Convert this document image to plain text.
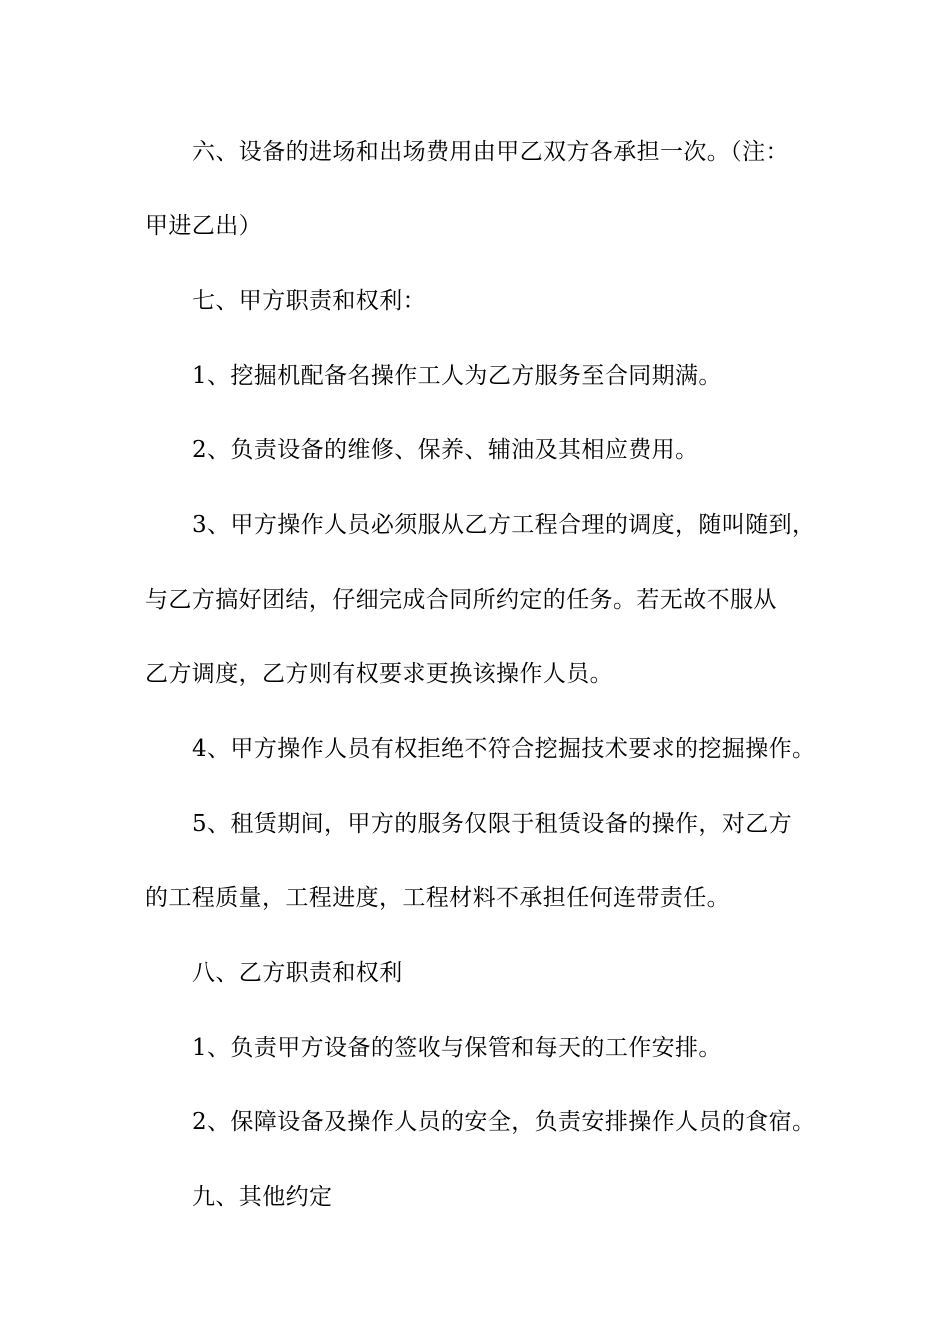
六、设备的进场和出场费用由甲乙双方各承担一次。（注：
甲进乙出）
七、甲方职责和权利：
1、挖掘机配备名操作工人为乙方服务至合同期满。
2、负责设备的维修、保养、辅油及其相应费用。
3、甲方操作人员必须服从乙方工程合理的调度，随叫随到，
与乙方搞好团结，仔细完成合同所约定的任务。若无故不服从
乙方调度，乙方则有权要求更换该操作人员。
4、甲方操作人员有权拒绝不符合挖掘技术要求的挖掘操作。
5、租赁期间，甲方的服务仅限于租赁设备的操作，对乙方
的工程质量，工程进度，工程材料不承担任何连带责任。
八、乙方职责和权利
1、负责甲方设备的签收与保管和每天的工作安排。
2、保障设备及操作人员的安全，负责安排操作人员的食宿。
九、其他约定
